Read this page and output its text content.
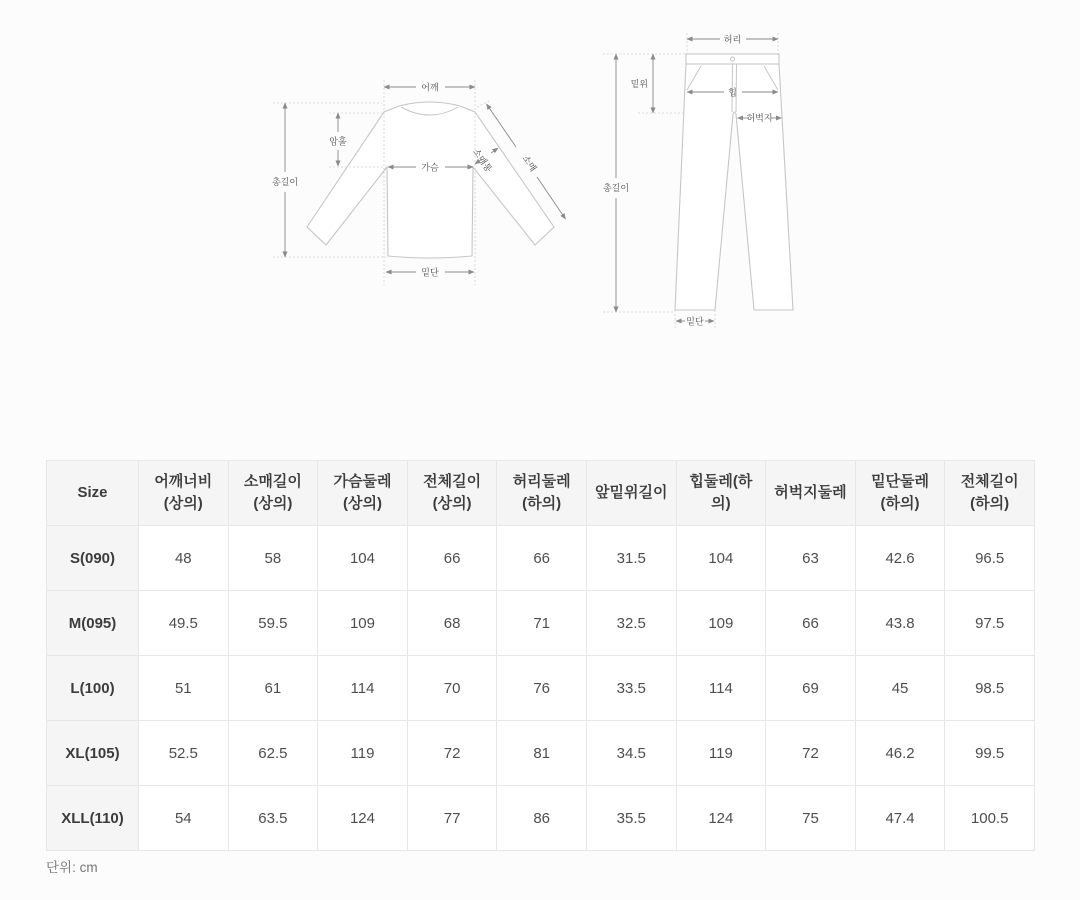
어깨
총길이
암홀
가슴
밑단
소매
소매통
허리
밑위
힙
허벅지
총길이
밑단
Size	어깨너비(상의)	소매길이(상의)	가슴둘레(상의)	전체길이(상의)	허리둘레(하의)	앞밑위길이	힙둘레(하의)	허벅지둘레	밑단둘레(하의)	전체길이(하의)
S(090)	48	58	104	66	66	31.5	104	63	42.6	96.5
M(095)	49.5	59.5	109	68	71	32.5	109	66	43.8	97.5
L(100)	51	61	114	70	76	33.5	114	69	45	98.5
XL(105)	52.5	62.5	119	72	81	34.5	119	72	46.2	99.5
XLL(110)	54	63.5	124	77	86	35.5	124	75	47.4	100.5
단위: cm
